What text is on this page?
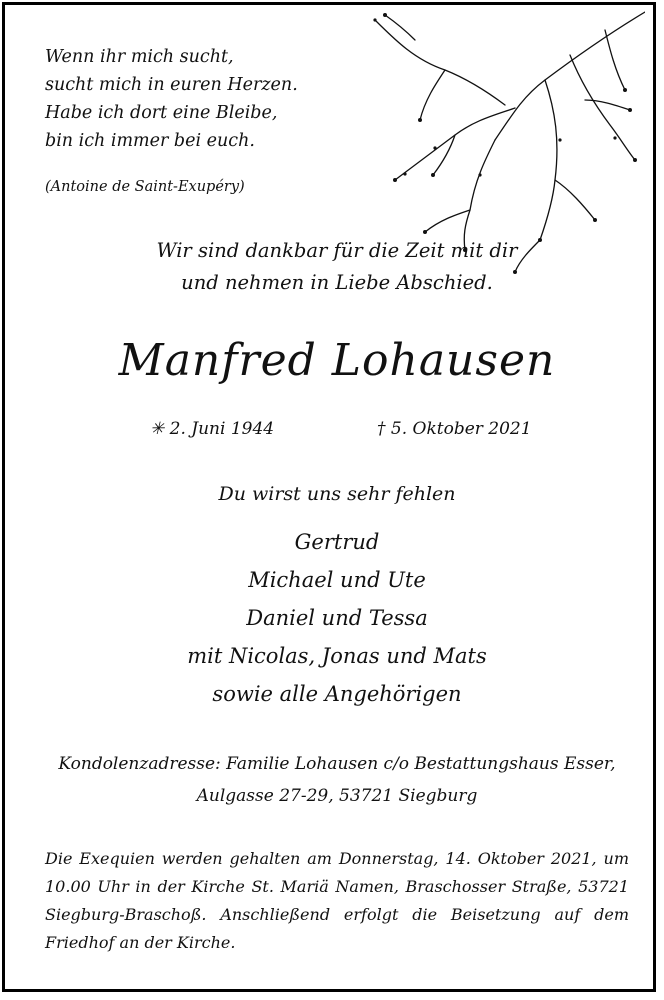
Wenn ihr mich sucht,
sucht mich in euren Herzen.
Habe ich dort eine Bleibe,
bin ich immer bei euch.
(Antoine de Saint-Exupéry)
Wir sind dankbar für die Zeit mit dir
und nehmen in Liebe Abschied.
Manfred Lohausen
✳ 2. Juni 1944	† 5. Oktober 2021
Du wirst uns sehr fehlen
Gertrud
Michael und Ute
Daniel und Tessa
mit Nicolas, Jonas und Mats
sowie alle Angehörigen
Kondolenzadresse: Familie Lohausen c/o Bestattungshaus Esser,
Aulgasse 27-29, 53721 Siegburg
Die Exequien werden gehalten am Donnerstag, 14. Oktober 2021, um 10.00 Uhr in der Kirche St. Mariä Namen, Braschosser Straße, 53721 Siegburg-Braschoß. Anschließend erfolgt die Beisetzung auf dem Friedhof an der Kirche.
